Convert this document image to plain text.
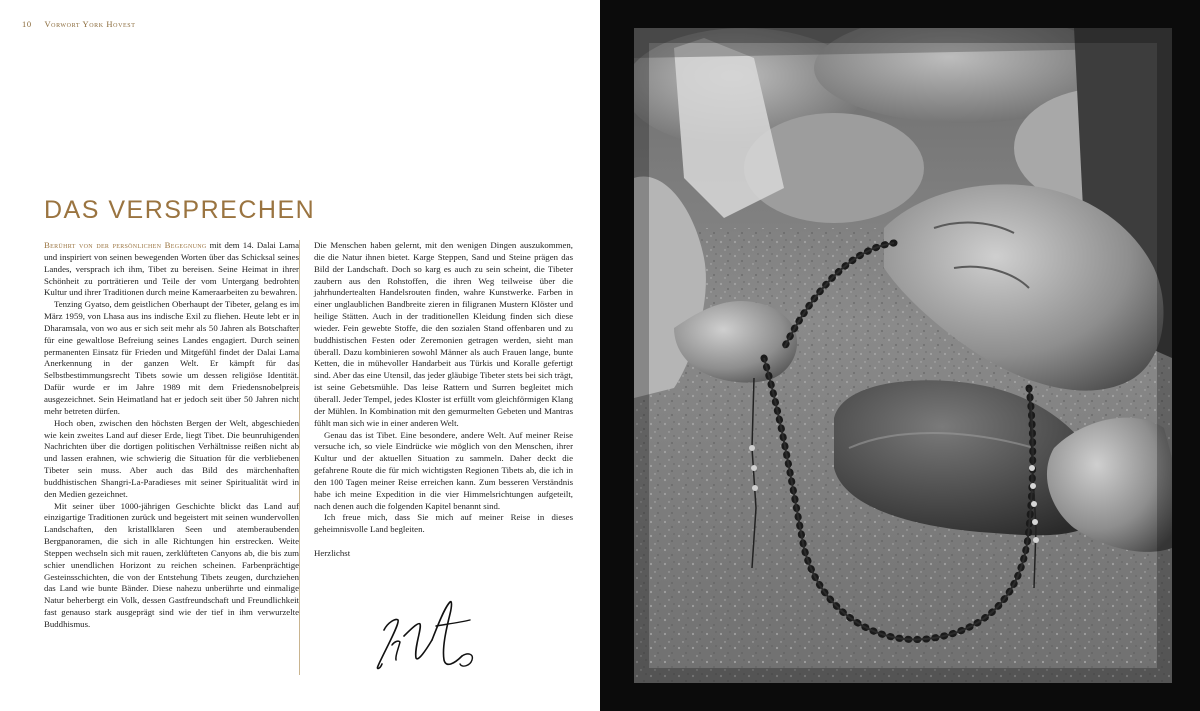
10 Vorwort York Hovest
DAS VERSPRECHEN

Berührt von der persönlichen Begegnung mit dem 14. Dalai Lama und inspiriert von seinen bewegenden Worten über das Schicksal seines Landes, versprach ich ihm, Tibet zu bereisen. Seine Heimat in ihrer Schönheit zu porträtieren und Teile der vom Untergang bedrohten Kultur und ihrer Traditionen durch meine Kameraarbeiten zu bewahren.

Tenzing Gyatso, dem geistlichen Oberhaupt der Tibeter, gelang es im März 1959, von Lhasa aus ins indische Exil zu fliehen. Heute lebt er in Dharamsala, von wo aus er sich seit mehr als 50 Jahren als Botschafter für eine gewaltlose Befreiung seines Landes engagiert. Durch seinen permanenten Einsatz für Frieden und Mitgefühl findet der Dalai Lama Anerkennung in der ganzen Welt. Er kämpft für das Selbstbestimmungsrecht Tibets sowie um dessen religiöse Identität. Dafür wurde er im Jahre 1989 mit dem Friedensnobelpreis ausgezeichnet. Sein Heimatland hat er jedoch seit über 50 Jahren nicht mehr betreten dürfen.

Hoch oben, zwischen den höchsten Bergen der Welt, abgeschieden wie kein zweites Land auf dieser Erde, liegt Tibet. Die beunruhigenden Nachrichten über die dortigen politischen Verhältnisse reißen nicht ab und lassen erahnen, wie schwierig die Situation für die verbliebenen Tibeter sein muss. Aber auch das Bild des märchenhaften buddhistischen Shangri-La-Paradieses mit seiner Spiritualität wird in den Medien gezeichnet.

Mit seiner über 1000-jährigen Geschichte blickt das Land auf einzigartige Traditionen zurück und begeistert mit seinen wundervollen Landschaften, den kristallklaren Seen und atemberaubenden Bergpanoramen, die sich in alle Richtungen hin erstrecken. Weite Steppen wechseln sich mit rauen, zerklüfteten Canyons ab, die bis zum schier unendlichen Horizont zu reichen scheinen. Farbenprächtige Gesteinsschichten, die von der Entstehung Tibets zeugen, durchziehen das Land wie bunte Bänder. Diese nahezu unberührte und einmalige Natur beherbergt ein Volk, dessen Gastfreundschaft und Freundlichkeit fast genauso stark ausgeprägt sind wie der tief in ihm verwurzelte Buddhismus.

Die Menschen haben gelernt, mit den wenigen Dingen auszukommen, die die Natur ihnen bietet. Karge Steppen, Sand und Steine prägen das Bild der Landschaft. Doch so karg es auch zu sein scheint, die Tibeter zaubern aus den Rohstoffen, die ihren Weg teilweise über die jahrhundertealten Handelsrouten finden, wahre Kunstwerke. Farben in einer unglaublichen Bandbreite zieren in filigranen Mustern Klöster und heilige Stätten. Auch in der traditionellen Kleidung finden sich diese wieder. Fein gewebte Stoffe, die den sozialen Stand offenbaren und zu buddhistischen Festen oder Zeremonien getragen werden, sieht man überall. Dazu kombinieren sowohl Männer als auch Frauen lange, bunte Ketten, die in mühevoller Handarbeit aus Türkis und Koralle gefertigt sind. Aber das eine Utensil, das jeder gläubige Tibeter stets bei sich trägt, ist seine Gebetsmühle. Das leise Rattern und Surren begleitet mich überall. Jeder Tempel, jedes Kloster ist erfüllt vom gleichförmigen Klang der Mühlen. In Kombination mit den gemurmelten Gebeten und Mantras fühlt man sich wie in einer anderen Welt.

Genau das ist Tibet. Eine besondere, andere Welt. Auf meiner Reise versuche ich, so viele Eindrücke wie möglich von den Menschen, ihrer Kultur und der aktuellen Situation zu sammeln. Daher deckt die gefahrene Route die für mich wichtigsten Regionen Tibets ab, die ich in den 100 Tagen meiner Reise erreichen kann. Zum besseren Verständnis habe ich meine Expedition in die vier Himmelsrichtungen aufgeteilt, nach denen auch die folgenden Kapitel benannt sind.

Ich freue mich, dass Sie mich auf meiner Reise in dieses geheimnisvolle Land begleiten.

Herzlichst
